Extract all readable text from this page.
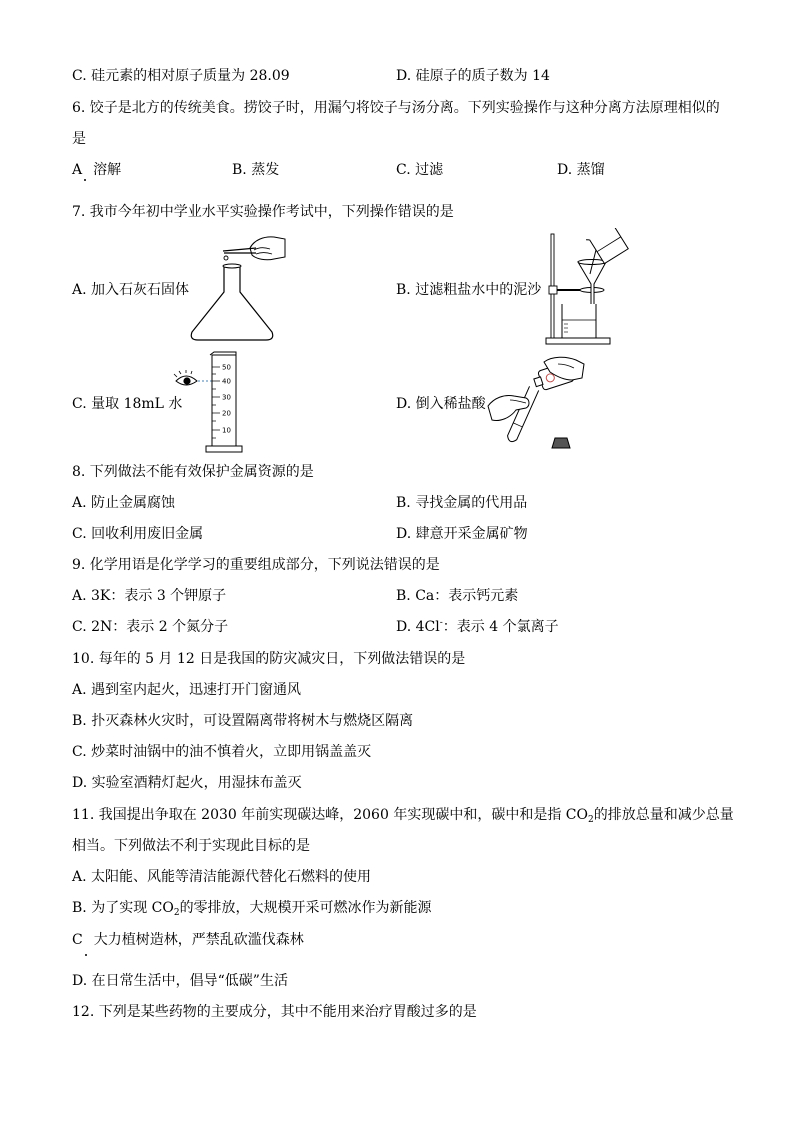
C. 硅元素的相对原子质量为 28.09	D. 硅原子的质子数为 14
6. 饺子是北方的传统美食。捞饺子时，用漏勺将饺子与汤分离。下列实验操作与这种分离方法原理相似的
是
A 溶解	B. 蒸发	C. 过滤	D. 蒸馏
7. 我市今年初中学业水平实验操作考试中，下列操作错误的是
A. 加入石灰石固体	B. 过滤粗盐水中的泥沙
C. 量取 18mL 水	D. 倒入稀盐酸
50
40
30
20
10
8. 下列做法不能有效保护金属资源的是
A. 防止金属腐蚀	B. 寻找金属的代用品
C. 回收利用废旧金属	D. 肆意开采金属矿物
9. 化学用语是化学学习的重要组成部分，下列说法错误的是
A. 3K：表示 3 个钾原子	B. Ca：表示钙元素
C. 2N：表示 2 个氮分子	D. 4Cl-：表示 4 个氯离子
10. 每年的 5 月 12 日是我国的防灾减灾日，下列做法错误的是
A. 遇到室内起火，迅速打开门窗通风
B. 扑灭森林火灾时，可设置隔离带将树木与燃烧区隔离
C. 炒菜时油锅中的油不慎着火，立即用锅盖盖灭
D. 实验室酒精灯起火，用湿抹布盖灭
11. 我国提出争取在 2030 年前实现碳达峰，2060 年实现碳中和，碳中和是指 $CO_2$的排放总量和减少总量
相当。下列做法不利于实现此目标的是
A. 太阳能、风能等清洁能源代替化石燃料的使用
B. 为了实现 $CO_2$的零排放，大规模开采可燃冰作为新能源
C 大力植树造林，严禁乱砍滥伐森林
D. 在日常生活中，倡导“低碳”生活
12. 下列是某些药物的主要成分，其中不能用来治疗胃酸过多的是
